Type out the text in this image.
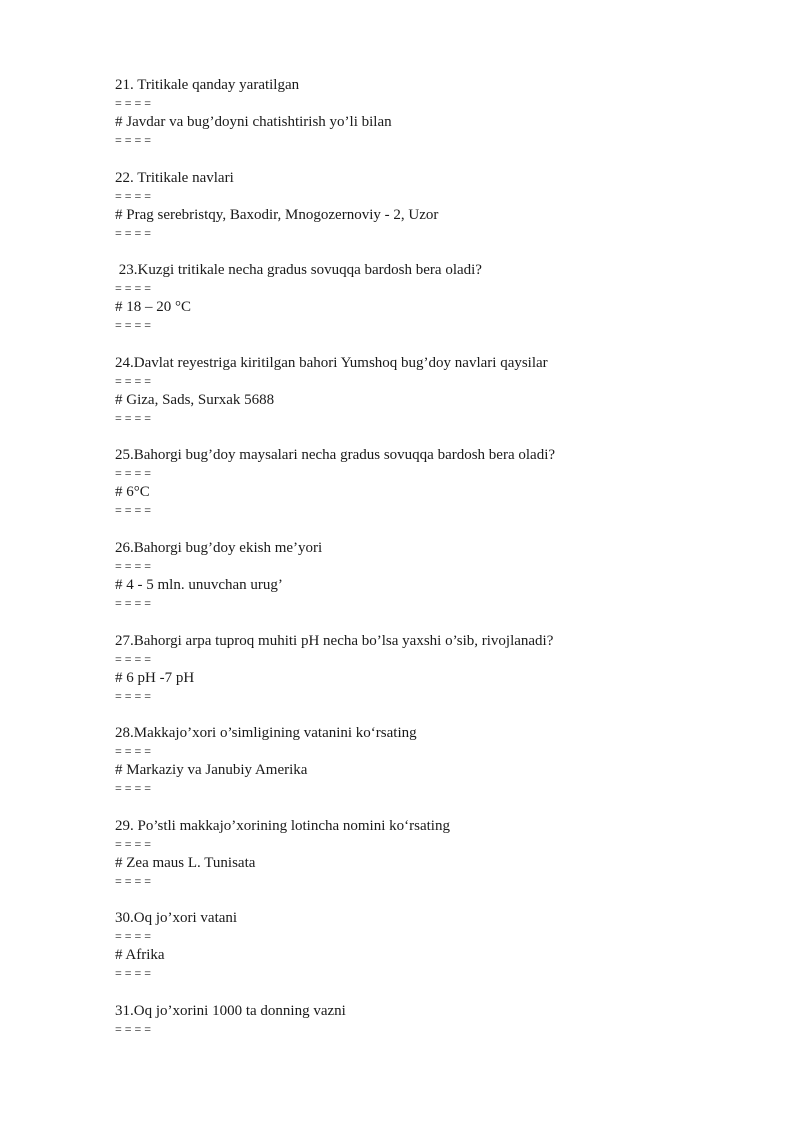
21. Tritikale qanday yaratilgan
= = = =
# Javdar va bug’doyni chatishtirish yo’li bilan
= = = =
22. Tritikale navlari
= = = =
# Prag serebristqy, Baxodir, Mnogozernoviy - 2, Uzor
= = = =
23.Kuzgi tritikale necha gradus sovuqqa bardosh bera oladi?
= = = =
# 18 – 20 °C
= = = =
24.Davlat reyestriga kiritilgan bahori Yumshoq bug’doy navlari qaysilar
= = = =
# Giza, Sads, Surxak 5688
= = = =
25.Bahorgi bug’doy maysalari necha gradus sovuqqa bardosh bera oladi?
= = = =
# 6°C
= = = =
26.Bahorgi bug’doy ekish me’yori
= = = =
# 4 - 5 mln. unuvchan urug’
= = = =
27.Bahorgi arpa tuproq muhiti pH necha bo’lsa yaxshi o’sib, rivojlanadi?
= = = =
# 6 pH -7 pH
= = = =
28.Makkajo’xori o’simligining vatanini koʻrsating
= = = =
# Markaziy va Janubiy Amerika
= = = =
29. Po’stli makkajo’xorining lotincha nomini koʻrsating
= = = =
# Zea maus L. Tunisata
= = = =
30.Oq jo’xori vatani
= = = =
# Afrika
= = = =
31.Oq jo’xorini 1000 ta donning vazni
= = = =
